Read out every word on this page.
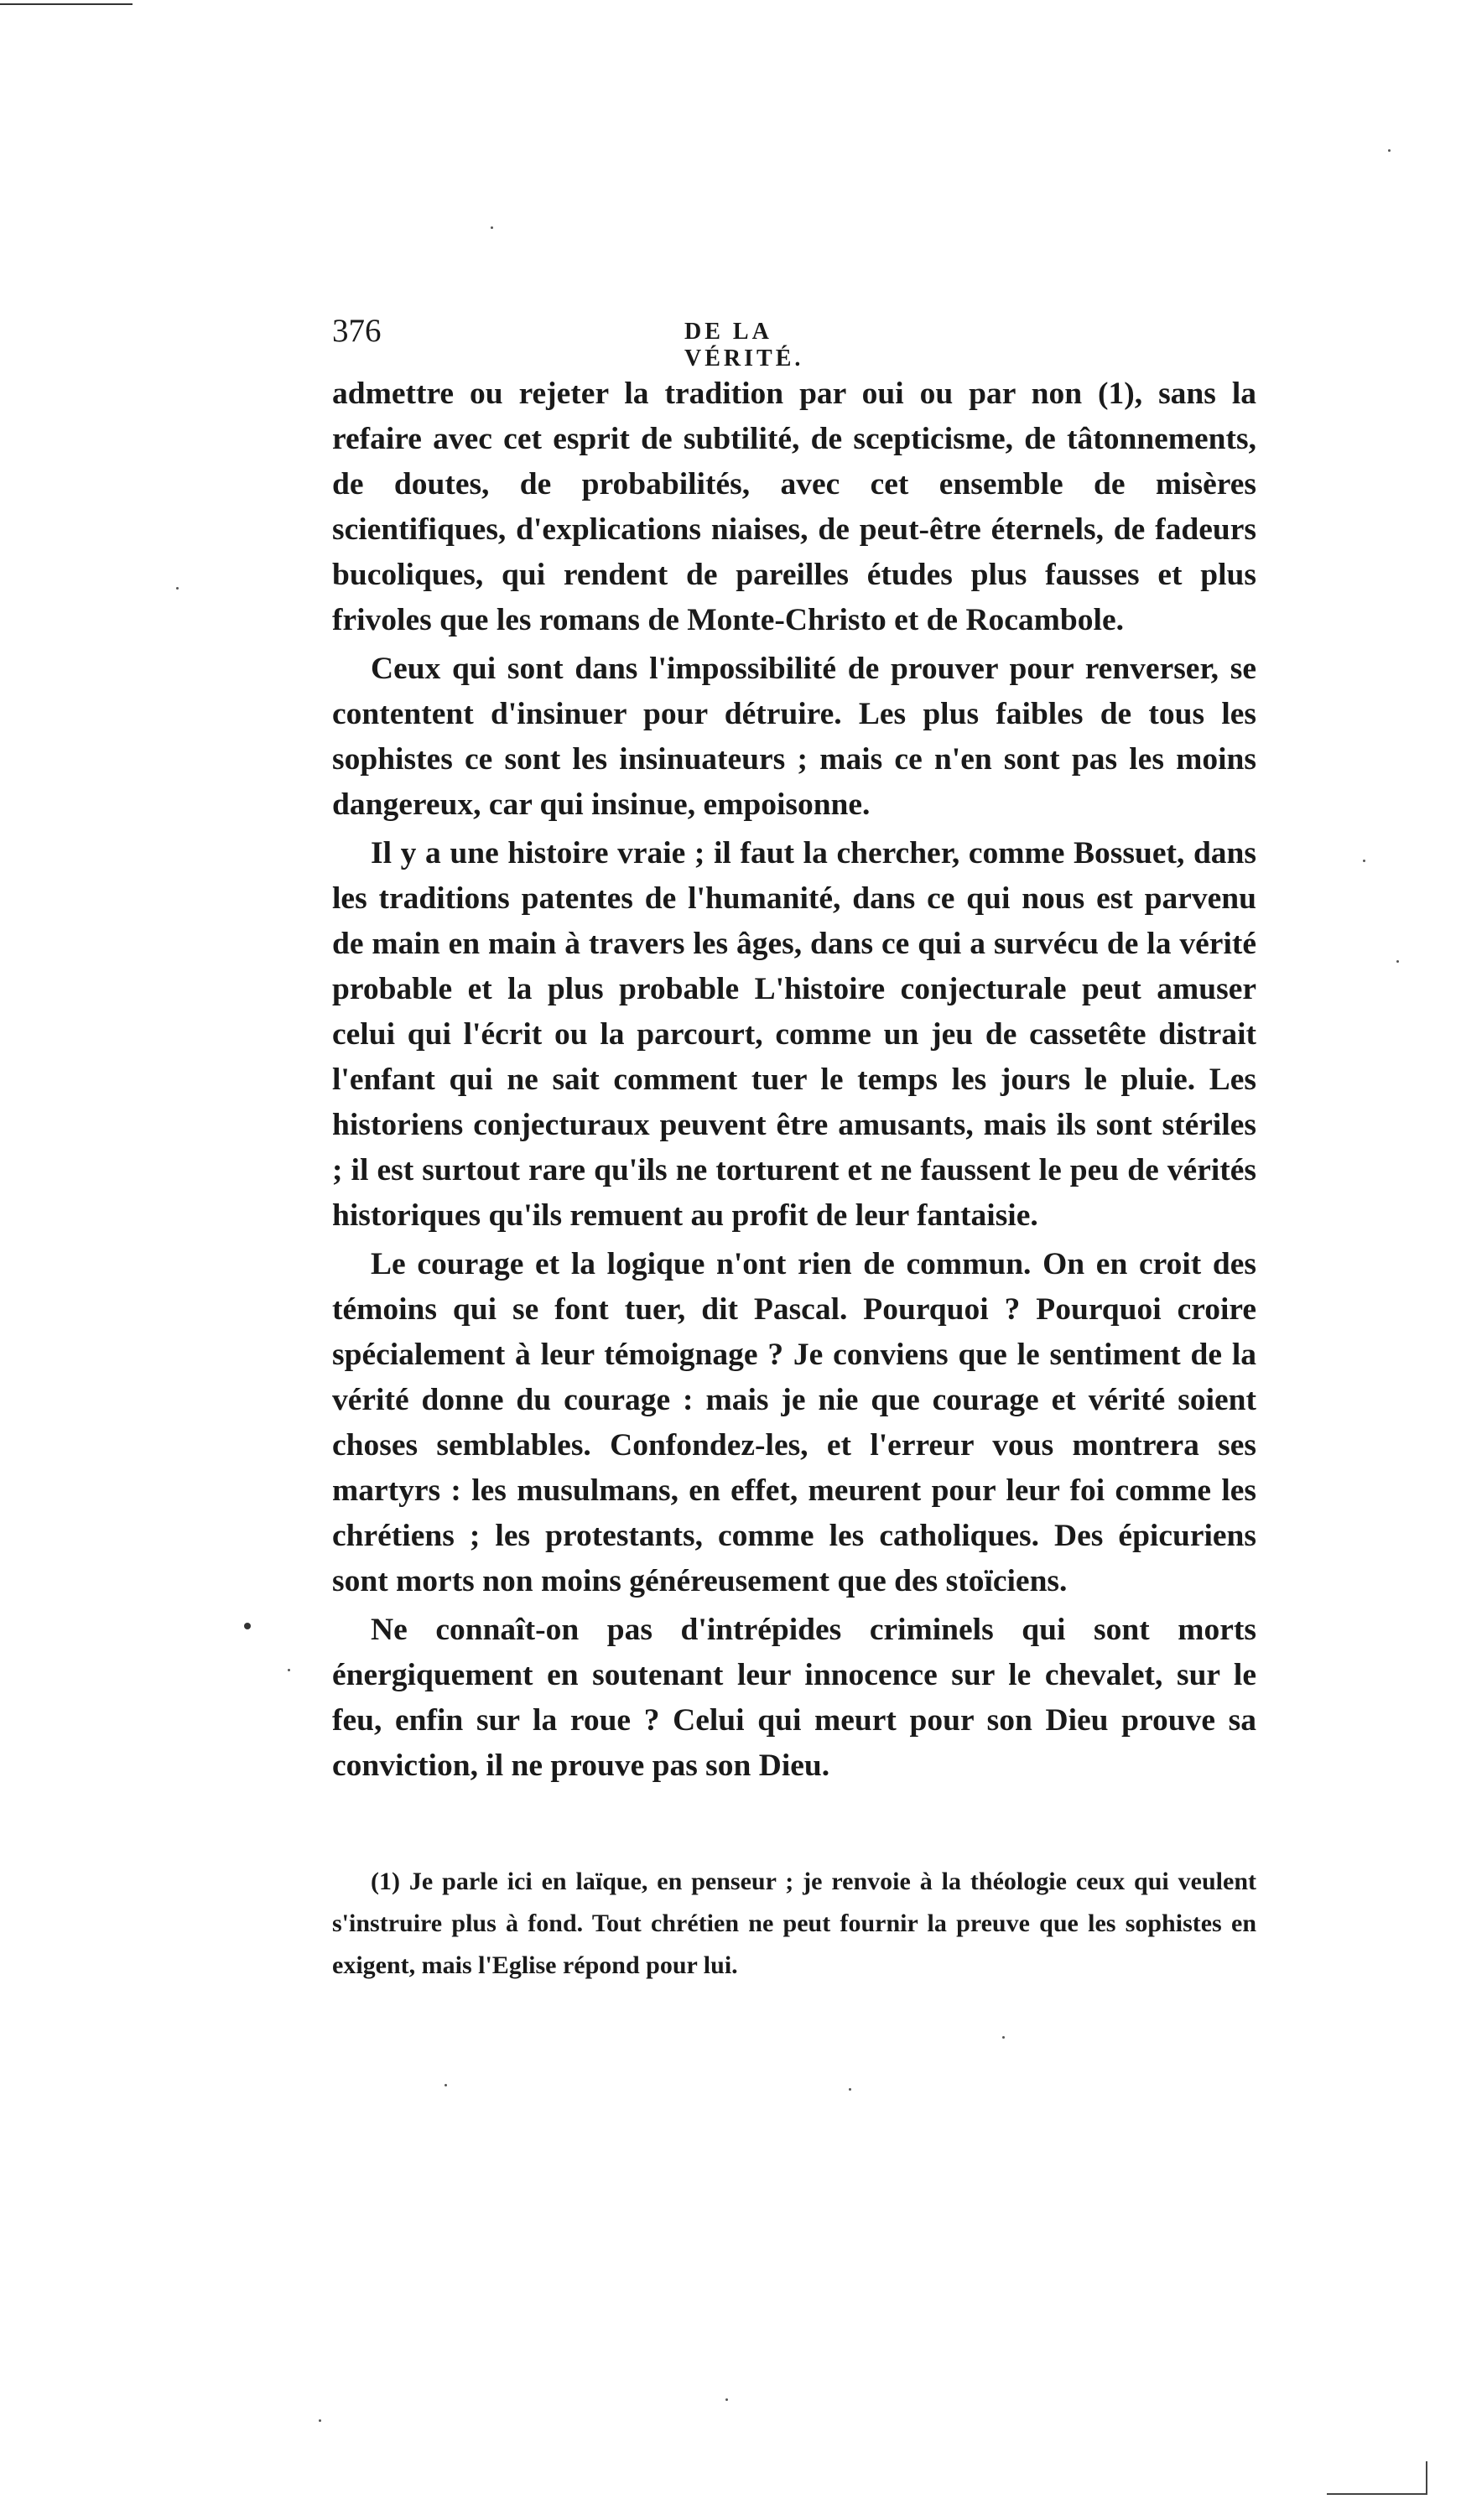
376	DE LA VÉRITÉ.

admettre ou rejeter la tradition par oui ou par non (1), sans la refaire avec cet esprit de subtilité, de scepticisme, de tâtonnements, de doutes, de probabilités, avec cet ensemble de misères scientifiques, d'explications niaises, de peut-être éternels, de fadeurs bucoliques, qui rendent de pareilles études plus fausses et plus frivoles que les romans de Monte-Christo et de Rocambole.

Ceux qui sont dans l'impossibilité de prouver pour renverser, se contentent d'insinuer pour détruire. Les plus faibles de tous les sophistes ce sont les insinuateurs ; mais ce n'en sont pas les moins dangereux, car qui insinue, empoisonne.

Il y a une histoire vraie ; il faut la chercher, comme Bossuet, dans les traditions patentes de l'humanité, dans ce qui nous est parvenu de main en main à travers les âges, dans ce qui a survécu de la vérité probable et la plus probable L'histoire conjecturale peut amuser celui qui l'écrit ou la parcourt, comme un jeu de cassetête distrait l'enfant qui ne sait comment tuer le temps les jours le pluie. Les historiens conjecturaux peuvent être amusants, mais ils sont stériles ; il est surtout rare qu'ils ne torturent et ne faussent le peu de vérités historiques qu'ils remuent au profit de leur fantaisie.

Le courage et la logique n'ont rien de commun. On en croit des témoins qui se font tuer, dit Pascal. Pourquoi ? Pourquoi croire spécialement à leur témoignage ? Je conviens que le sentiment de la vérité donne du courage : mais je nie que courage et vérité soient choses semblables. Confondez-les, et l'erreur vous montrera ses martyrs : les musulmans, en effet, meurent pour leur foi comme les chrétiens ; les protestants, comme les catholiques. Des épicuriens sont morts non moins généreusement que des stoïciens.

Ne connaît-on pas d'intrépides criminels qui sont morts énergiquement en soutenant leur innocence sur le chevalet, sur le feu, enfin sur la roue ? Celui qui meurt pour son Dieu prouve sa conviction, il ne prouve pas son Dieu.

(1) Je parle ici en laïque, en penseur ; je renvoie à la théologie ceux qui veulent s'instruire plus à fond. Tout chrétien ne peut fournir la preuve que les sophistes en exigent, mais l'Eglise répond pour lui.
